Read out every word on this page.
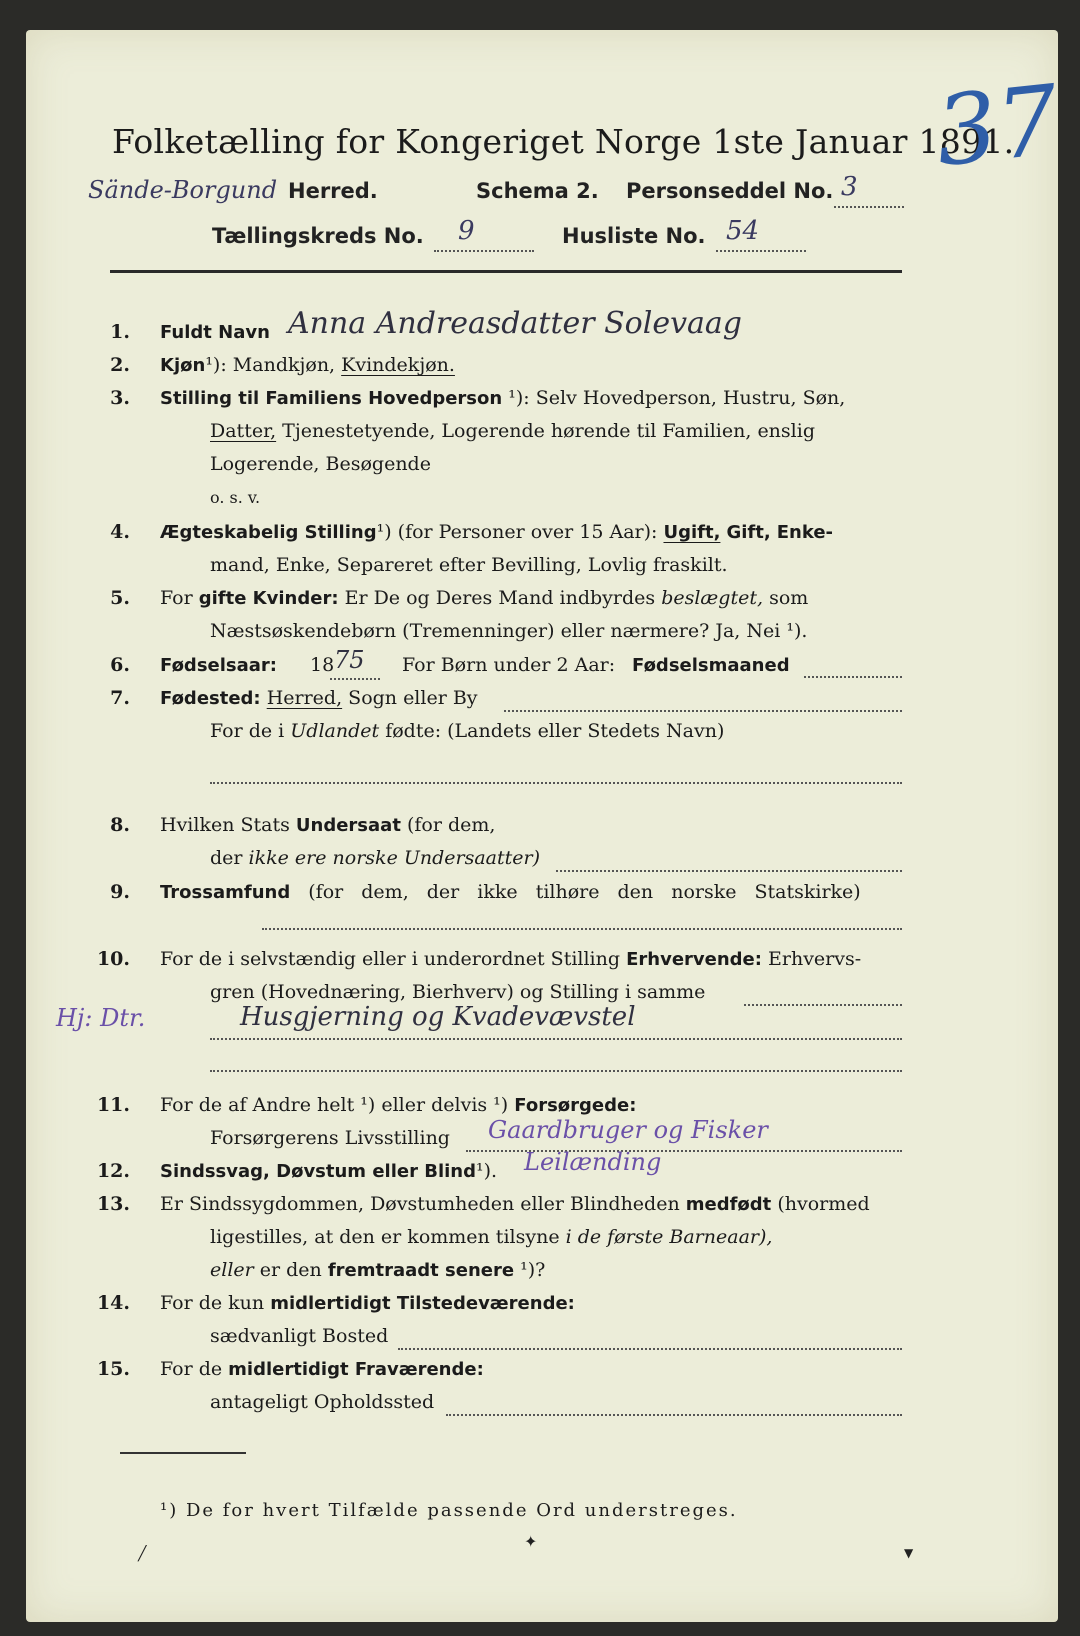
Folketælling for Kongeriget Norge 1ste Januar 1891.
37
Sände-Borgund Herred.	Schema 2. Personseddel No. 3
Tællingskreds No. 9	Husliste No. 54
1. Fuldt Navn Anna Andreasdatter Solevaag
2. Kjøn¹): Mandkjøn, Kvindekjøn.
3. Stilling til Familiens Hovedperson ¹): Selv Hovedperson, Hustru, Søn,
Datter, Tjenestetyende, Logerende hørende til Familien, enslig
Logerende, Besøgende
o. s. v.
4. Ægteskabelig Stilling¹) (for Personer over 15 Aar): Ugift, Gift, Enke-
mand, Enke, Separeret efter Bevilling, Lovlig fraskilt.
5. For gifte Kvinder: Er De og Deres Mand indbyrdes beslægtet, som
Næstsøskendebørn (Tremenninger) eller nærmere? Ja, Nei ¹).
6. Fødselsaar: 18 75 For Børn under 2 Aar: Fødselsmaaned
7. Fødested: Herred, Sogn eller By
For de i Udlandet fødte: (Landets eller Stedets Navn)
8. Hvilken Stats Undersaat (for dem,
der ikke ere norske Undersaatter)
9. Trossamfund (for dem, der ikke tilhøre den norske Statskirke)
10. For de i selvstændig eller i underordnet Stilling Erhvervende: Erhvervs-
gren (Hovednæring, Bierhverv) og Stilling i samme
Hj: Dtr.	Husgjerning og Kvadevævstel
11. For de af Andre helt ¹) eller delvis ¹) Forsørgede:
Forsørgerens Livsstilling Gaardbruger og Fisker
12. Sindssvag, Døvstum eller Blind¹). Leilænding
13. Er Sindssygdommen, Døvstumheden eller Blindheden medfødt (hvormed
ligestilles, at den er kommen tilsyne i de første Barneaar),
eller er den fremtraadt senere ¹)?
14. For de kun midlertidigt Tilstedeværende:
sædvanligt Bosted
15. For de midlertidigt Fraværende:
antageligt Opholdssted
¹) De for hvert Tilfælde passende Ord understreges.
╱
✦
▼
